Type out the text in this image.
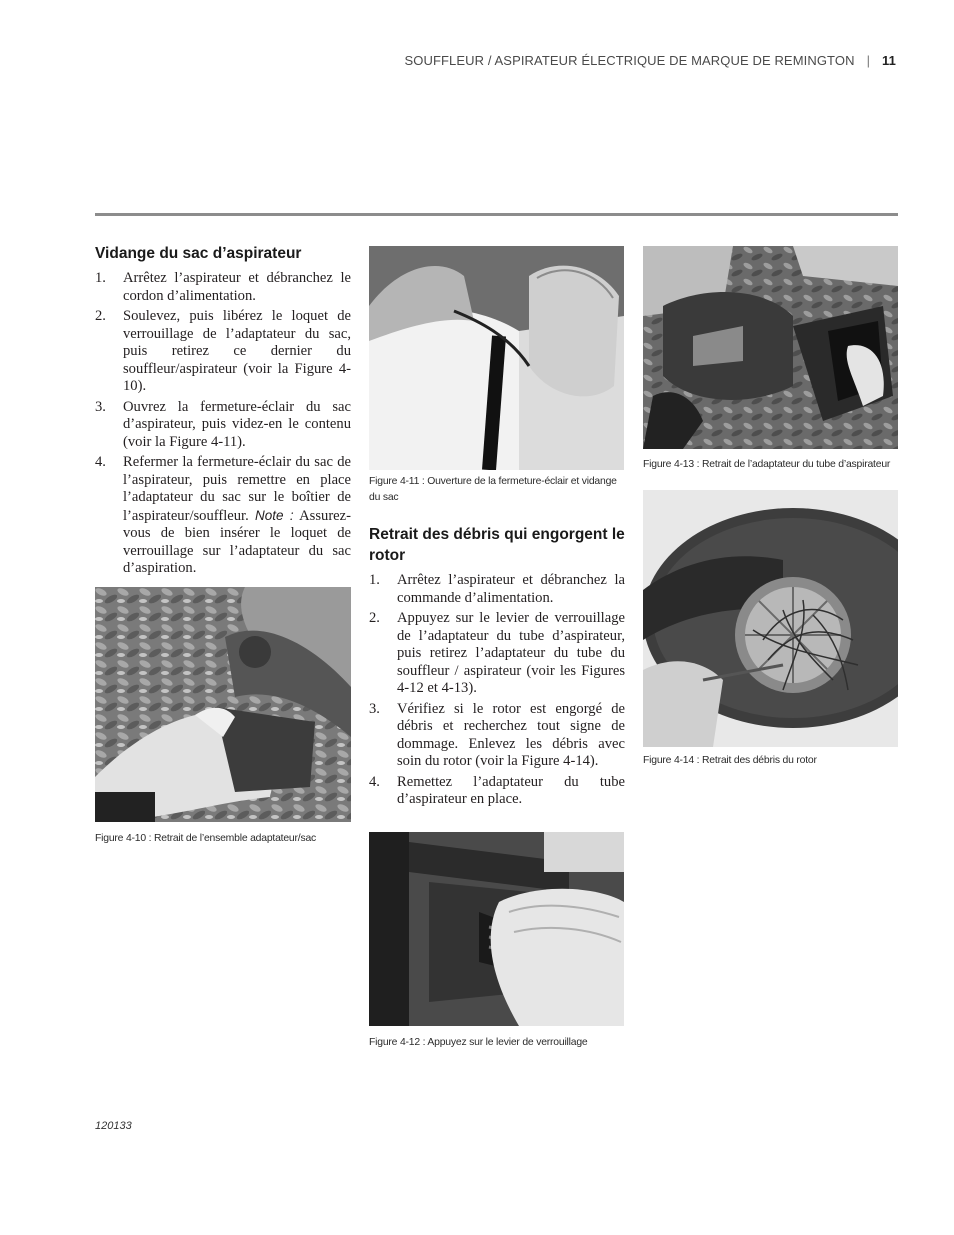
SOUFFLEUR / ASPIRATEUR ÉLECTRIQUE DE MARQUE DE REMINGTON | 11
Vidange du sac d’aspirateur
1. Arrêtez l’aspirateur et débranchez le cordon d’alimentation.
2. Soulevez, puis libérez le loquet de verrouillage de l’adaptateur du sac, puis retirez ce dernier du souffleur/aspirateur (voir la Figure 4-10).
3. Ouvrez la fermeture-éclair du sac d’aspirateur, puis videz-en le contenu (voir la Figure 4-11).
4. Refermer la fermeture-éclair du sac de l’aspirateur, puis remettre en place l’adaptateur du sac sur le boîtier de l’aspirateur/souffleur. Note : Assurez-vous de bien insérer le loquet de verrouillage sur l’adaptateur du sac d’aspiration.
Figure 4-10 : Retrait de l’ensemble adaptateur/sac
Figure 4-11 : Ouverture de la fermeture-éclair et vidange du sac
Retrait des débris qui engorgent le rotor
1. Arrêtez l’aspirateur et débranchez la commande d’alimentation.
2. Appuyez sur le levier de verrouillage de l’adaptateur du tube d’aspirateur, puis retirez l’adaptateur du tube du souffleur / aspirateur (voir les Figures 4-12 et 4-13).
3. Vérifiez si le rotor est engorgé de débris et recherchez tout signe de dommage. Enlevez les débris avec soin du rotor (voir la Figure 4-14).
4. Remettez l’adaptateur du tube d’aspirateur en place.
Figure 4-12 : Appuyez sur le levier de verrouillage
Figure 4-13 : Retrait de l’adaptateur du tube d’aspirateur
Figure 4-14 : Retrait des débris du rotor
120133
